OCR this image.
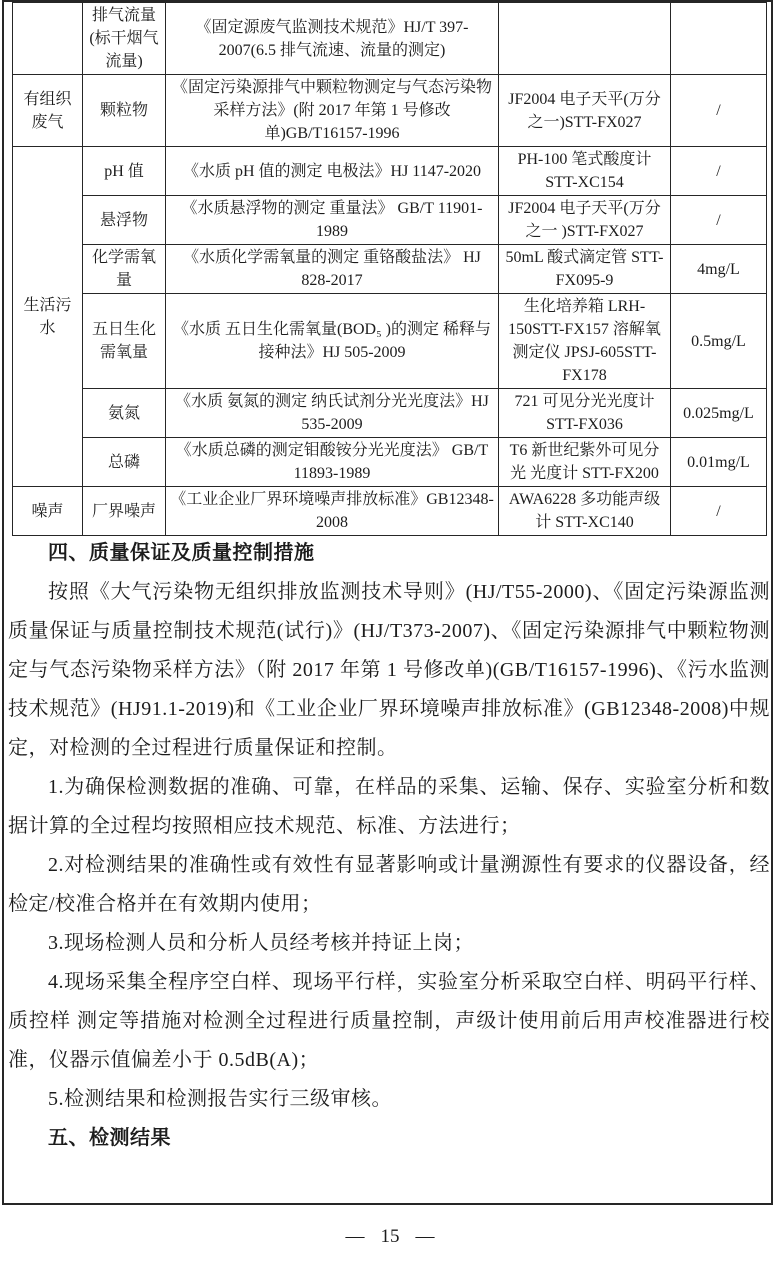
	排气流量(标干烟气流量)	《固定源废气监测技术规范》HJ/T 397-2007(6.5 排气流速、流量的测定)		
有组织废气	颗粒物	《固定污染源排气中颗粒物测定与气态污染物采样方法》(附 2017 年第 1 号修改单)GB/T16157-1996	JF2004 电子天平(万分之一)STT-FX027	/
生活污水	pH 值	《水质 pH 值的测定 电极法》HJ 1147-2020	PH-100 笔式酸度计 STT-XC154	/
	悬浮物	《水质悬浮物的测定 重量法》 GB/T 11901-1989	JF2004 电子天平(万分之一 )STT-FX027	/
	化学需氧量	《水质化学需氧量的测定 重铬酸盐法》 HJ 828-2017	50mL 酸式滴定管 STT-FX095-9	4mg/L
	五日生化需氧量	《水质 五日生化需氧量(BOD₅ )的测定 稀释与接种法》HJ 505-2009	生化培养箱 LRH-150STT-FX157 溶解氧测定仪 JPSJ-605STT-FX178	0.5mg/L
	氨氮	《水质 氨氮的测定 纳氏试剂分光光度法》HJ 535-2009	721 可见分光光度计 STT-FX036	0.025mg/L
	总磷	《水质总磷的测定钼酸铵分光光度法》 GB/T 11893-1989	T6 新世纪紫外可见分光 光度计 STT-FX200	0.01mg/L
噪声	厂界噪声	《工业企业厂界环境噪声排放标准》GB12348-2008	AWA6228 多功能声级计 STT-XC140	/
四、质量保证及质量控制措施

按照《大气污染物无组织排放监测技术导则》(HJ/T55-2000)、《固定污染源监测质量保证与质量控制技术规范(试行)》(HJ/T373-2007)、《固定污染源排气中颗粒物测定与气态污染物采样方法》（附 2017 年第 1 号修改单)(GB/T16157-1996)、《污水监测技术规范》(HJ91.1-2019)和《工业企业厂界环境噪声排放标准》(GB12348-2008)中规定，对检测的全过程进行质量保证和控制。

1.为确保检测数据的准确、可靠，在样品的采集、运输、保存、实验室分析和数据计算的全过程均按照相应技术规范、标准、方法进行；

2.对检测结果的准确性或有效性有显著影响或计量溯源性有要求的仪器设备，经检定/校准合格并在有效期内使用；

3.现场检测人员和分析人员经考核并持证上岗；

4.现场采集全程序空白样、现场平行样，实验室分析采取空白样、明码平行样、质控样 测定等措施对检测全过程进行质量控制，声级计使用前后用声校准器进行校准，仪器示值偏差小于 0.5dB(A)；

5.检测结果和检测报告实行三级审核。

五、检测结果
— 15 —
